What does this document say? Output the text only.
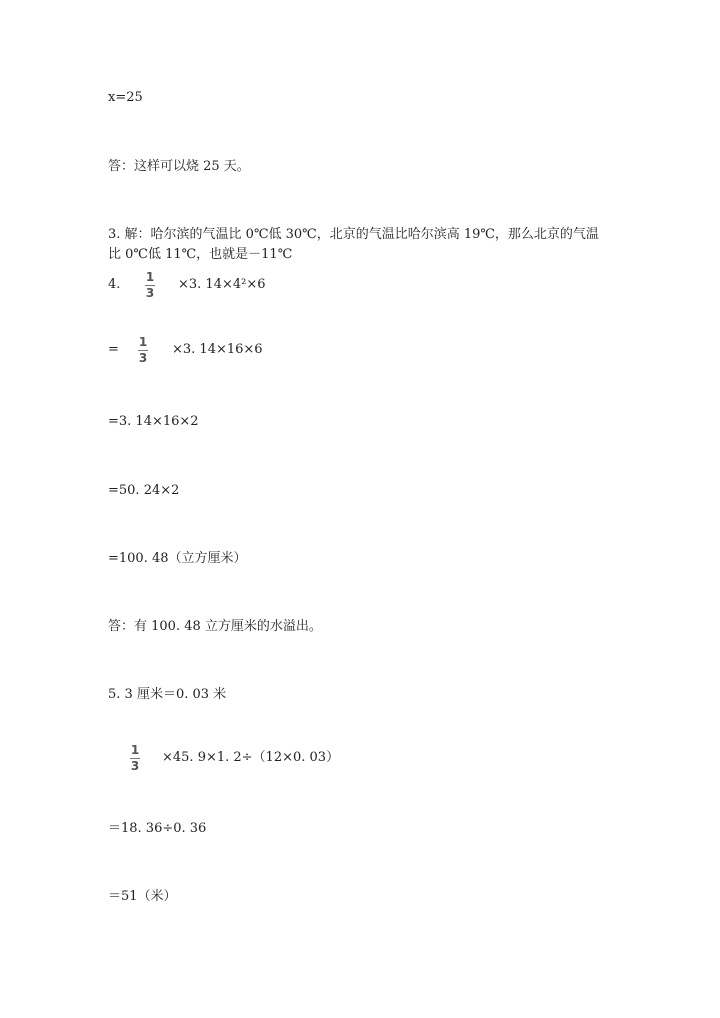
x=25
答：这样可以烧 25 天。
3. 解：哈尔滨的气温比 0℃低 30℃，北京的气温比哈尔滨高 19℃，那么北京的气温比 0℃低 11℃，也就是－11℃
4. 1
3
×3. 14×4²×6
= 1
3
×3. 14×16×6
=3. 14×16×2
=50. 24×2
=100. 48（立方厘米）
答：有 100. 48 立方厘米的水溢出。
5. 3 厘米＝0. 03 米
1
3
×45. 9×1. 2÷（12×0. 03）
＝18. 36÷0. 36
＝51（米）
